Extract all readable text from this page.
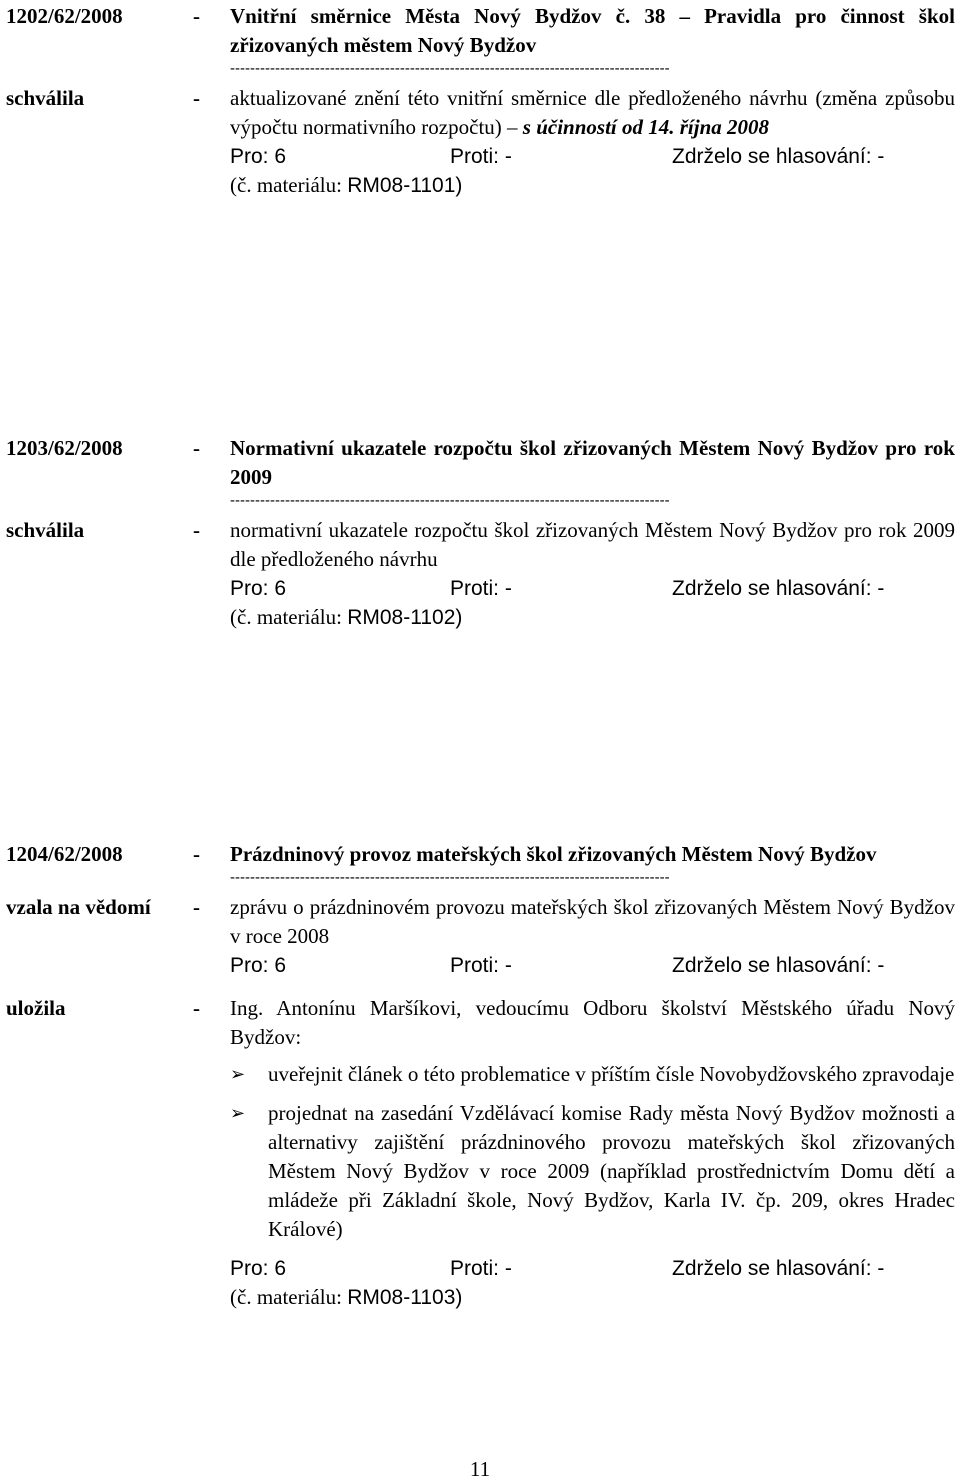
1202/62/2008	- Vnitřní směrnice Města Nový Bydžov č. 38 – Pravidla pro činnost škol zřizovaných městem Nový Bydžov
----------------------------------------------------------------------------------------
schválila	- aktualizované znění této vnitřní směrnice dle předloženého návrhu (změna způsobu výpočtu normativního rozpočtu) – s účinností od 14. října 2008
Pro: 6	Proti: -	Zdrželo se hlasování: -
(č. materiálu: RM08-1101)
1203/62/2008	- Normativní ukazatele rozpočtu škol zřizovaných Městem Nový Bydžov pro rok 2009
----------------------------------------------------------------------------------------
schválila	- normativní ukazatele rozpočtu škol zřizovaných Městem Nový Bydžov pro rok 2009 dle předloženého návrhu
Pro: 6	Proti: -	Zdrželo se hlasování: -
(č. materiálu: RM08-1102)
1204/62/2008	- Prázdninový provoz mateřských škol zřizovaných Městem Nový Bydžov
----------------------------------------------------------------------------------------
vzala na vědomí	- zprávu o prázdninovém provozu mateřských škol zřizovaných Městem Nový Bydžov v roce 2008
Pro: 6	Proti: -	Zdrželo se hlasování: -
uložila	- Ing. Antonínu Maršíkovi, vedoucímu Odboru školství Městského úřadu Nový Bydžov:
➢ uveřejnit článek o této problematice v příštím čísle Novobydžovského zpravodaje
➢ projednat na zasedání Vzdělávací komise Rady města Nový Bydžov možnosti a alternativy zajištění prázdninového provozu mateřských škol zřizovaných Městem Nový Bydžov v roce 2009 (například prostřednictvím Domu dětí a mládeže při Základní škole, Nový Bydžov, Karla IV. čp. 209, okres Hradec Králové)
Pro: 6	Proti: -	Zdrželo se hlasování: -
(č. materiálu: RM08-1103)
11
